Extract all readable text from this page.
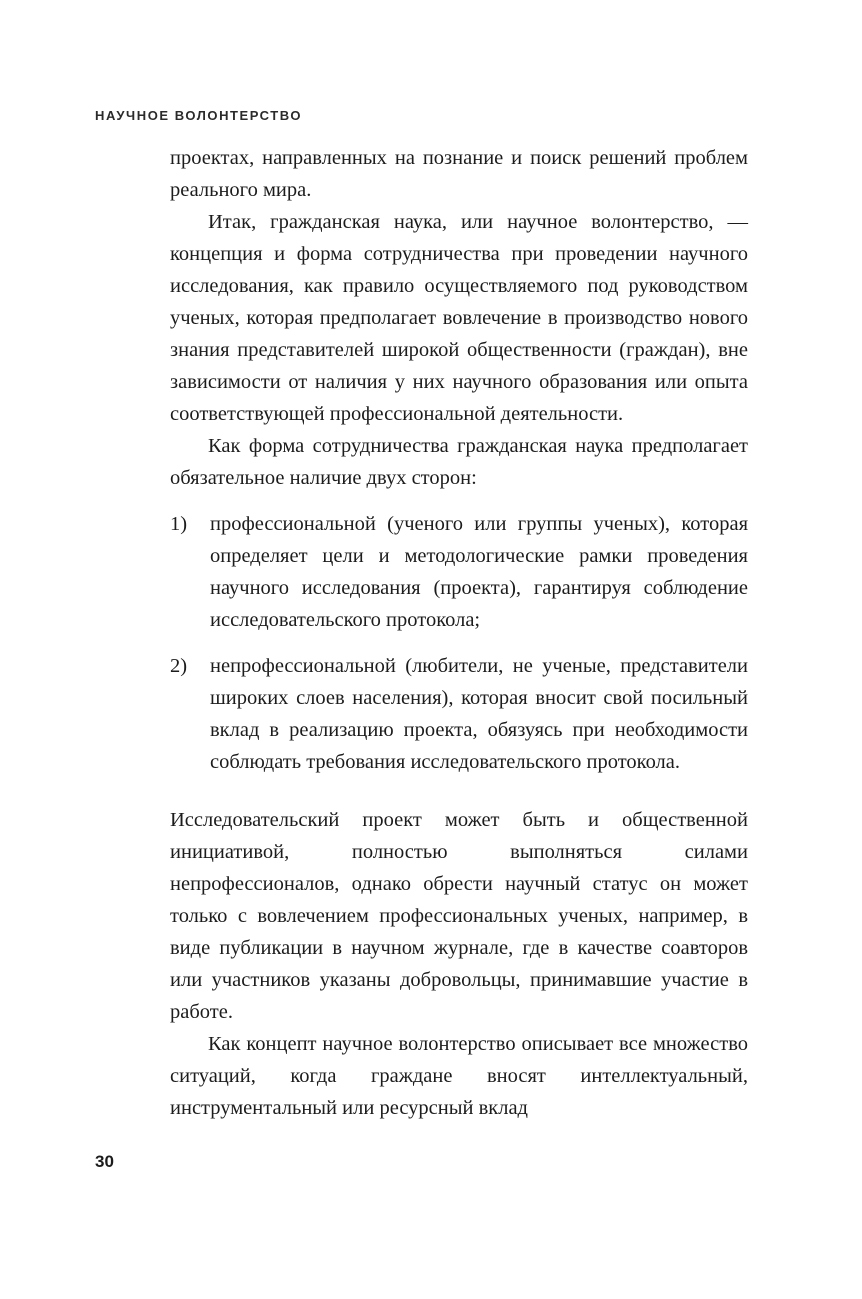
НАУЧНОЕ ВОЛОНТЕРСТВО

проектах, направленных на познание и поиск решений проблем реального мира.

Итак, гражданская наука, или научное волонтерство, — концепция и форма сотрудничества при проведении научного исследования, как правило осуществляемого под руководством ученых, которая предполагает вовлечение в производство нового знания представителей широкой общественности (граждан), вне зависимости от наличия у них научного образования или опыта соответствующей профессиональной деятельности.

Как форма сотрудничества гражданская наука предполагает обязательное наличие двух сторон:

1) профессиональной (ученого или группы ученых), которая определяет цели и методологические рамки проведения научного исследования (проекта), гарантируя соблюдение исследовательского протокола;
2) непрофессиональной (любители, не ученые, представители широких слоев населения), которая вносит свой посильный вклад в реализацию проекта, обязуясь при необходимости соблюдать требования исследовательского протокола.

Исследовательский проект может быть и общественной инициативой, полностью выполняться силами непрофессионалов, однако обрести научный статус он может только с вовлечением профессиональных ученых, например, в виде публикации в научном журнале, где в качестве соавторов или участников указаны добровольцы, принимавшие участие в работе.

Как концепт научное волонтерство описывает все множество ситуаций, когда граждане вносят интеллектуальный, инструментальный или ресурсный вклад

30
